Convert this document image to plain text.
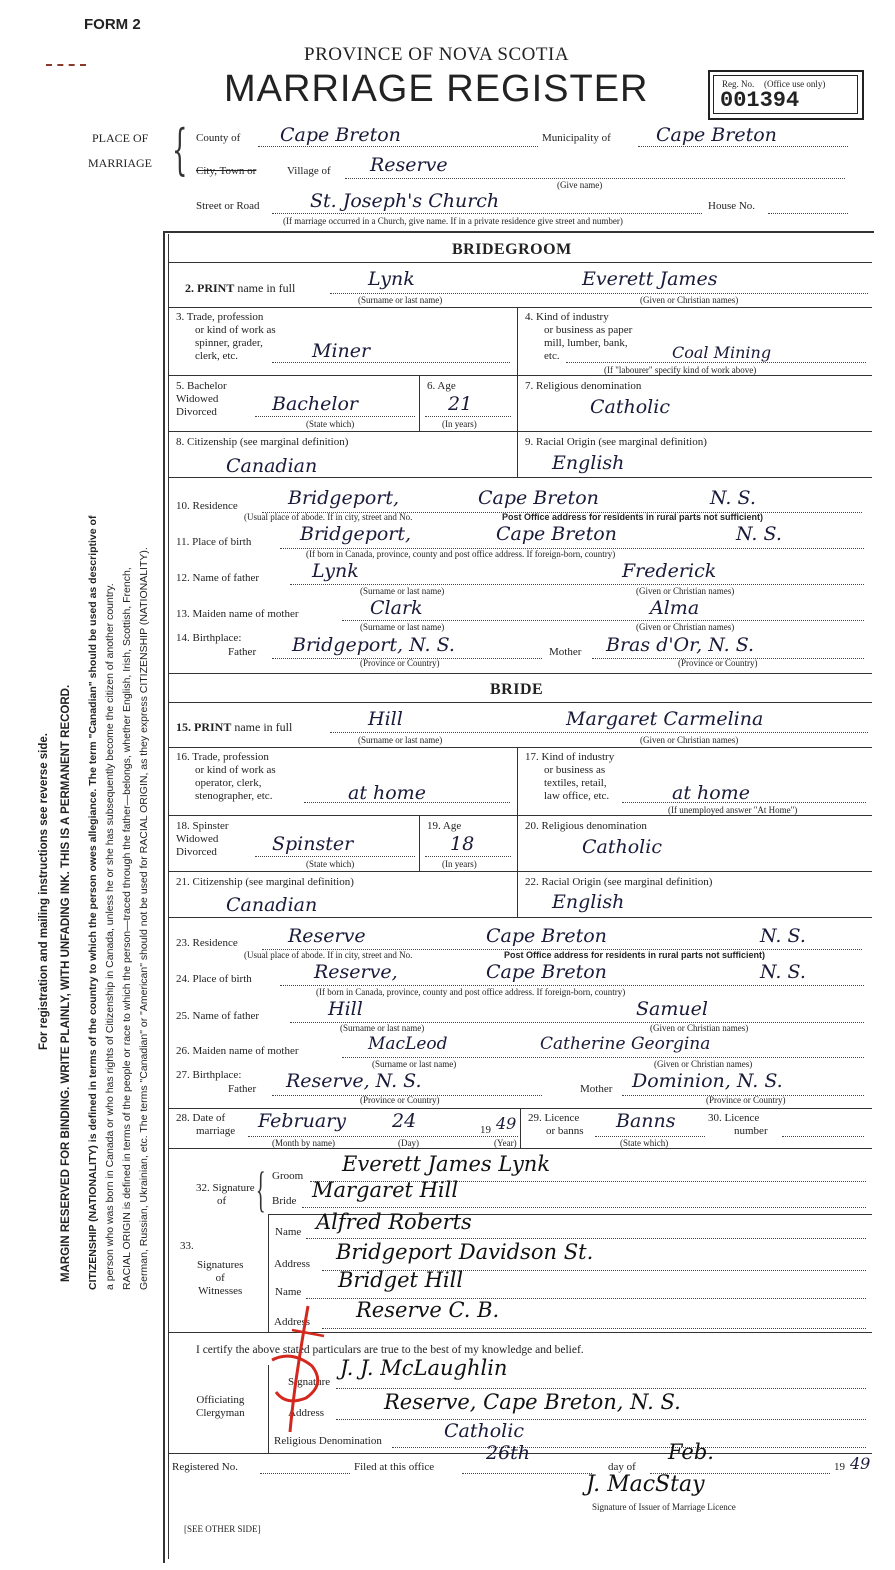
FORM 2
PROVINCE OF NOVA SCOTIA
MARRIAGE REGISTER	Reg. No. (Office use only)
001394
PLACE OF
MARRIAGE { County of Cape Breton	Municipality of Cape Breton
City, Town or	Village of Reserve
(Give name)
Street or Road	St. Joseph's Church	House No.
(If marriage occurred in a Church, give name. If in a private residence give street and number)
CITIZENSHIP (NATIONALITY) is defined in terms of the country to which the person owes allegiance. The term "Canadian" should be used as descriptive of a person who was born in Canada or who has rights of Citizenship in Canada, unless he or she has subsequently become the citizen of another country. RACIAL ORIGIN is defined in terms of the people or race to which the person—traced through the father—belongs, whether English, Irish, Scottish, French, German, Russian, Ukrainian, etc. The terms "Canadian" or "American" should not be used for RACIAL ORIGIN, as they express CITIZENSHIP (NATIONALITY).
MARGIN RESERVED FOR BINDING. WRITE PLAINLY, WITH UNFADING INK. THIS IS A PERMANENT RECORD.
For registration and mailing instructions see reverse side.
BRIDEGROOM
2. PRINT name in full	Lynk	Everett James
(Surname or last name)	(Given or Christian names)
3. Trade, profession
or kind of work as
spinner, grader,
clerk, etc.	Miner
4. Kind of industry
or business as paper
mill, lumber, bank,
etc.	Coal Mining
(If "labourer" specify kind of work above)
5. Bachelor
Widowed
Divorced	Bachelor
(State which)
6. Age
21
(In years)
7. Religious denomination
Catholic
8. Citizenship (see marginal definition)
Canadian
9. Racial Origin (see marginal definition)
English
10. Residence	Bridgeport,	Cape Breton	N. S.
(Usual place of abode. If in city, street and No.	Post Office address for residents in rural parts not sufficient)
11. Place of birth	Bridgeport,	Cape Breton	N. S.
(If born in Canada, province, county and post office address. If foreign-born, country)
12. Name of father	Lynk	Frederick
(Surname or last name)	(Given or Christian names)
13. Maiden name of mother	Clark	Alma
(Surname or last name)	(Given or Christian names)
14. Birthplace:
Father Bridgeport, N. S.	Mother Bras d'Or, N. S.
(Province or Country)	(Province or Country)
BRIDE
15. PRINT name in full	Hill	Margaret Carmelina
(Surname or last name)	(Given or Christian names)
16. Trade, profession
or kind of work as
operator, clerk,
stenographer, etc.	at home
17. Kind of industry
or business as
textiles, retail,
law office, etc.	at home
(If unemployed answer "At Home")
18. Spinster
Widowed
Divorced	Spinster
(State which)
19. Age
18
(In years)
20. Religious denomination
Catholic
21. Citizenship (see marginal definition)
Canadian
22. Racial Origin (see marginal definition)
English
23. Residence	Reserve	Cape Breton	N. S.
(Usual place of abode. If in city, street and No.	Post Office address for residents in rural parts not sufficient)
24. Place of birth	Reserve,	Cape Breton	N. S.
(If born in Canada, province, county and post office address. If foreign-born, country)
25. Name of father	Hill	Samuel
(Surname or last name)	(Given or Christian names)
26. Maiden name of mother	MacLeod	Catherine Georgina
(Surname or last name)	(Given or Christian names)
27. Birthplace:
Father Reserve, N. S.	Mother Dominion, N. S.
(Province or Country)	(Province or Country)
28. Date of
marriage February 24	19 49
(Month by name)	(Day)	(Year)
29. Licence
or banns Banns
(State which)
30. Licence
number
32. Signature
of { Groom Everett James Lynk
Bride Margaret Hill
33.
Signatures
of
Witnesses
Name Alfred Roberts
Address Bridgeport Davidson St.
Name Bridget Hill
Address Reserve C. B.
I certify the above stated particulars are true to the best of my knowledge and belief.
Officiating
Clergyman
Signature
J. J. McLaughlin
Address	Reserve, Cape Breton, N. S.
Religious Denomination	Catholic
Registered No.	Filed at this office
26th
day of
Feb.
19 49
J. MacStay
Signature of Issuer of Marriage Licence
[SEE OTHER SIDE]
